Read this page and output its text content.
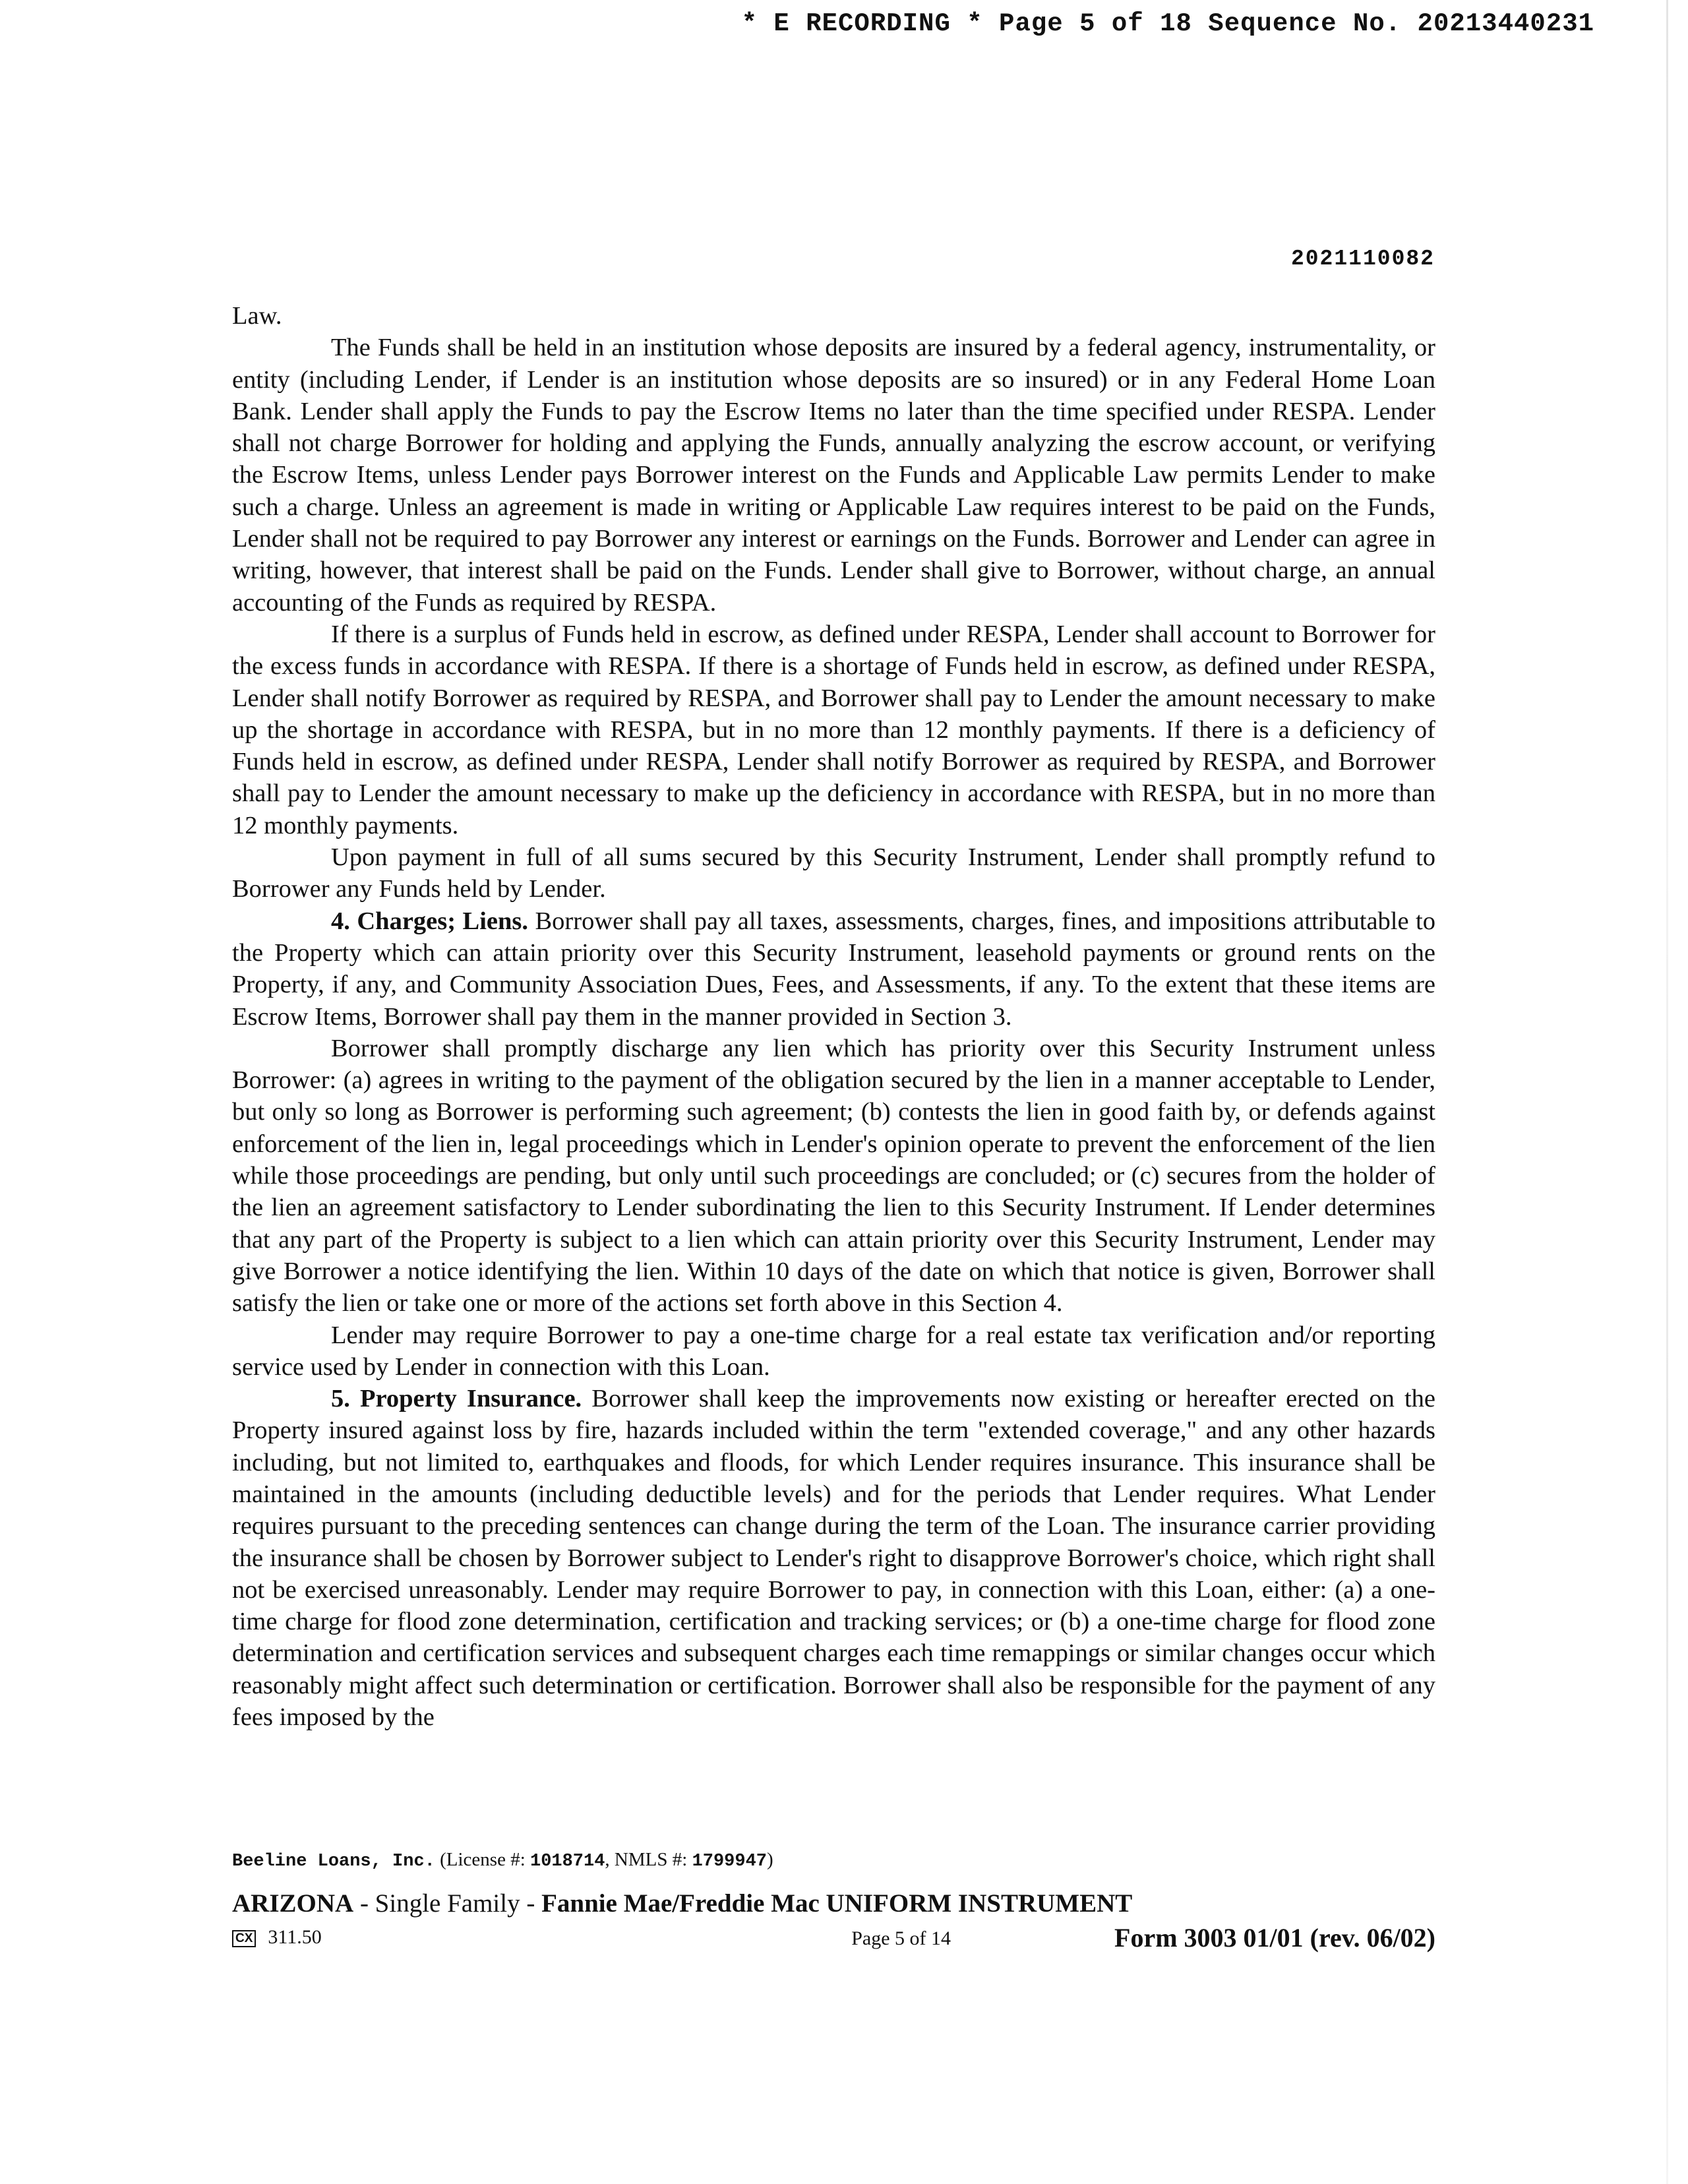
* E RECORDING * Page 5 of 18 Sequence No. 20213440231
2021110082

Law.

The Funds shall be held in an institution whose deposits are insured by a federal agency, instrumentality, or entity (including Lender, if Lender is an institution whose deposits are so insured) or in any Federal Home Loan Bank. Lender shall apply the Funds to pay the Escrow Items no later than the time specified under RESPA. Lender shall not charge Borrower for holding and applying the Funds, annually analyzing the escrow account, or verifying the Escrow Items, unless Lender pays Borrower interest on the Funds and Applicable Law permits Lender to make such a charge. Unless an agreement is made in writing or Applicable Law requires interest to be paid on the Funds, Lender shall not be required to pay Borrower any interest or earnings on the Funds. Borrower and Lender can agree in writing, however, that interest shall be paid on the Funds. Lender shall give to Borrower, without charge, an annual accounting of the Funds as required by RESPA.

If there is a surplus of Funds held in escrow, as defined under RESPA, Lender shall account to Borrower for the excess funds in accordance with RESPA. If there is a shortage of Funds held in escrow, as defined under RESPA, Lender shall notify Borrower as required by RESPA, and Borrower shall pay to Lender the amount necessary to make up the shortage in accordance with RESPA, but in no more than 12 monthly payments. If there is a deficiency of Funds held in escrow, as defined under RESPA, Lender shall notify Borrower as required by RESPA, and Borrower shall pay to Lender the amount necessary to make up the deficiency in accordance with RESPA, but in no more than 12 monthly payments.

Upon payment in full of all sums secured by this Security Instrument, Lender shall promptly refund to Borrower any Funds held by Lender.

4. Charges; Liens. Borrower shall pay all taxes, assessments, charges, fines, and impositions attributable to the Property which can attain priority over this Security Instrument, leasehold payments or ground rents on the Property, if any, and Community Association Dues, Fees, and Assessments, if any. To the extent that these items are Escrow Items, Borrower shall pay them in the manner provided in Section 3.

Borrower shall promptly discharge any lien which has priority over this Security Instrument unless Borrower: (a) agrees in writing to the payment of the obligation secured by the lien in a manner acceptable to Lender, but only so long as Borrower is performing such agreement; (b) contests the lien in good faith by, or defends against enforcement of the lien in, legal proceedings which in Lender's opinion operate to prevent the enforcement of the lien while those proceedings are pending, but only until such proceedings are concluded; or (c) secures from the holder of the lien an agreement satisfactory to Lender subordinating the lien to this Security Instrument. If Lender determines that any part of the Property is subject to a lien which can attain priority over this Security Instrument, Lender may give Borrower a notice identifying the lien. Within 10 days of the date on which that notice is given, Borrower shall satisfy the lien or take one or more of the actions set forth above in this Section 4.

Lender may require Borrower to pay a one-time charge for a real estate tax verification and/or reporting service used by Lender in connection with this Loan.

5. Property Insurance. Borrower shall keep the improvements now existing or hereafter erected on the Property insured against loss by fire, hazards included within the term "extended coverage," and any other hazards including, but not limited to, earthquakes and floods, for which Lender requires insurance. This insurance shall be maintained in the amounts (including deductible levels) and for the periods that Lender requires. What Lender requires pursuant to the preceding sentences can change during the term of the Loan. The insurance carrier providing the insurance shall be chosen by Borrower subject to Lender's right to disapprove Borrower's choice, which right shall not be exercised unreasonably. Lender may require Borrower to pay, in connection with this Loan, either: (a) a one-time charge for flood zone determination, certification and tracking services; or (b) a one-time charge for flood zone determination and certification services and subsequent charges each time remappings or similar changes occur which reasonably might affect such determination or certification. Borrower shall also be responsible for the payment of any fees imposed by the

Beeline Loans, Inc. (License #: 1018714, NMLS #: 1799947)
ARIZONA - Single Family - Fannie Mae/Freddie Mac UNIFORM INSTRUMENT
CX 311.50	Page 5 of 14	Form 3003 01/01 (rev. 06/02)
